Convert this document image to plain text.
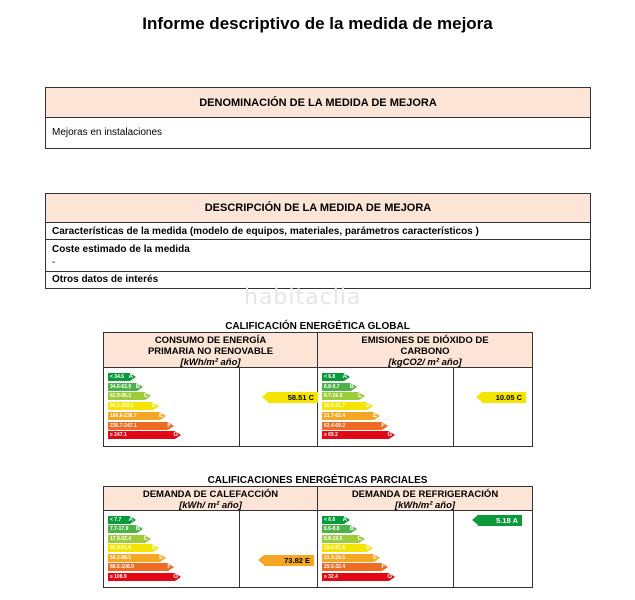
Informe descriptivo de la medida de mejora
DENOMINACIÓN DE LA MEDIDA DE MEJORA
Mejoras en instalaciones
DESCRIPCIÓN DE LA MEDIDA DE MEJORA
Características de la medida (modelo de equipos, materiales, parámetros característicos )
Coste estimado de la medida
-
Otros datos de interés
habitaclia
CALIFICACIÓN ENERGÉTICA GLOBAL
CONSUMO DE ENERGÍA
PRIMARIA NO RENOVABLE
[kWh/m² año]
EMISIONES DE DIÓXIDO DE
CARBONO
[kgCO2/ m² año]
< 34.6 A
34.6-62.9 B
62.9-96.1 C
96.1-152.1	D
166.6-236.7	E
236.7-247.1	F
≥ 247.1	G
58.51 C
< 6.8 A
6.8-9.7 B
9.7-16.0	C
16.0-21.7	D
21.7-62.4	E
62.4-69.2	F
≥ 69.2	G
10.05 C
CALIFICACIONES ENERGÉTICAS PARCIALES
DEMANDA DE CALEFACCIÓN
[kWh/ m² año]
DEMANDA DE REFRIGERACIÓN
[kWh/m² año]
< 7.7 A
7.7-17.9 B
17.9-32.4 C
32.4-51.6	D
54.2-88.5	E
88.5-108.9	F
≥ 108.9	G
73.82 E
< 6.6 A
6.6-8.8 B
8.8-19.5	C
19.5-21.8	D
21.9-29.5	E
29.5-32.4	F
≥ 32.4	G
5.18 A
